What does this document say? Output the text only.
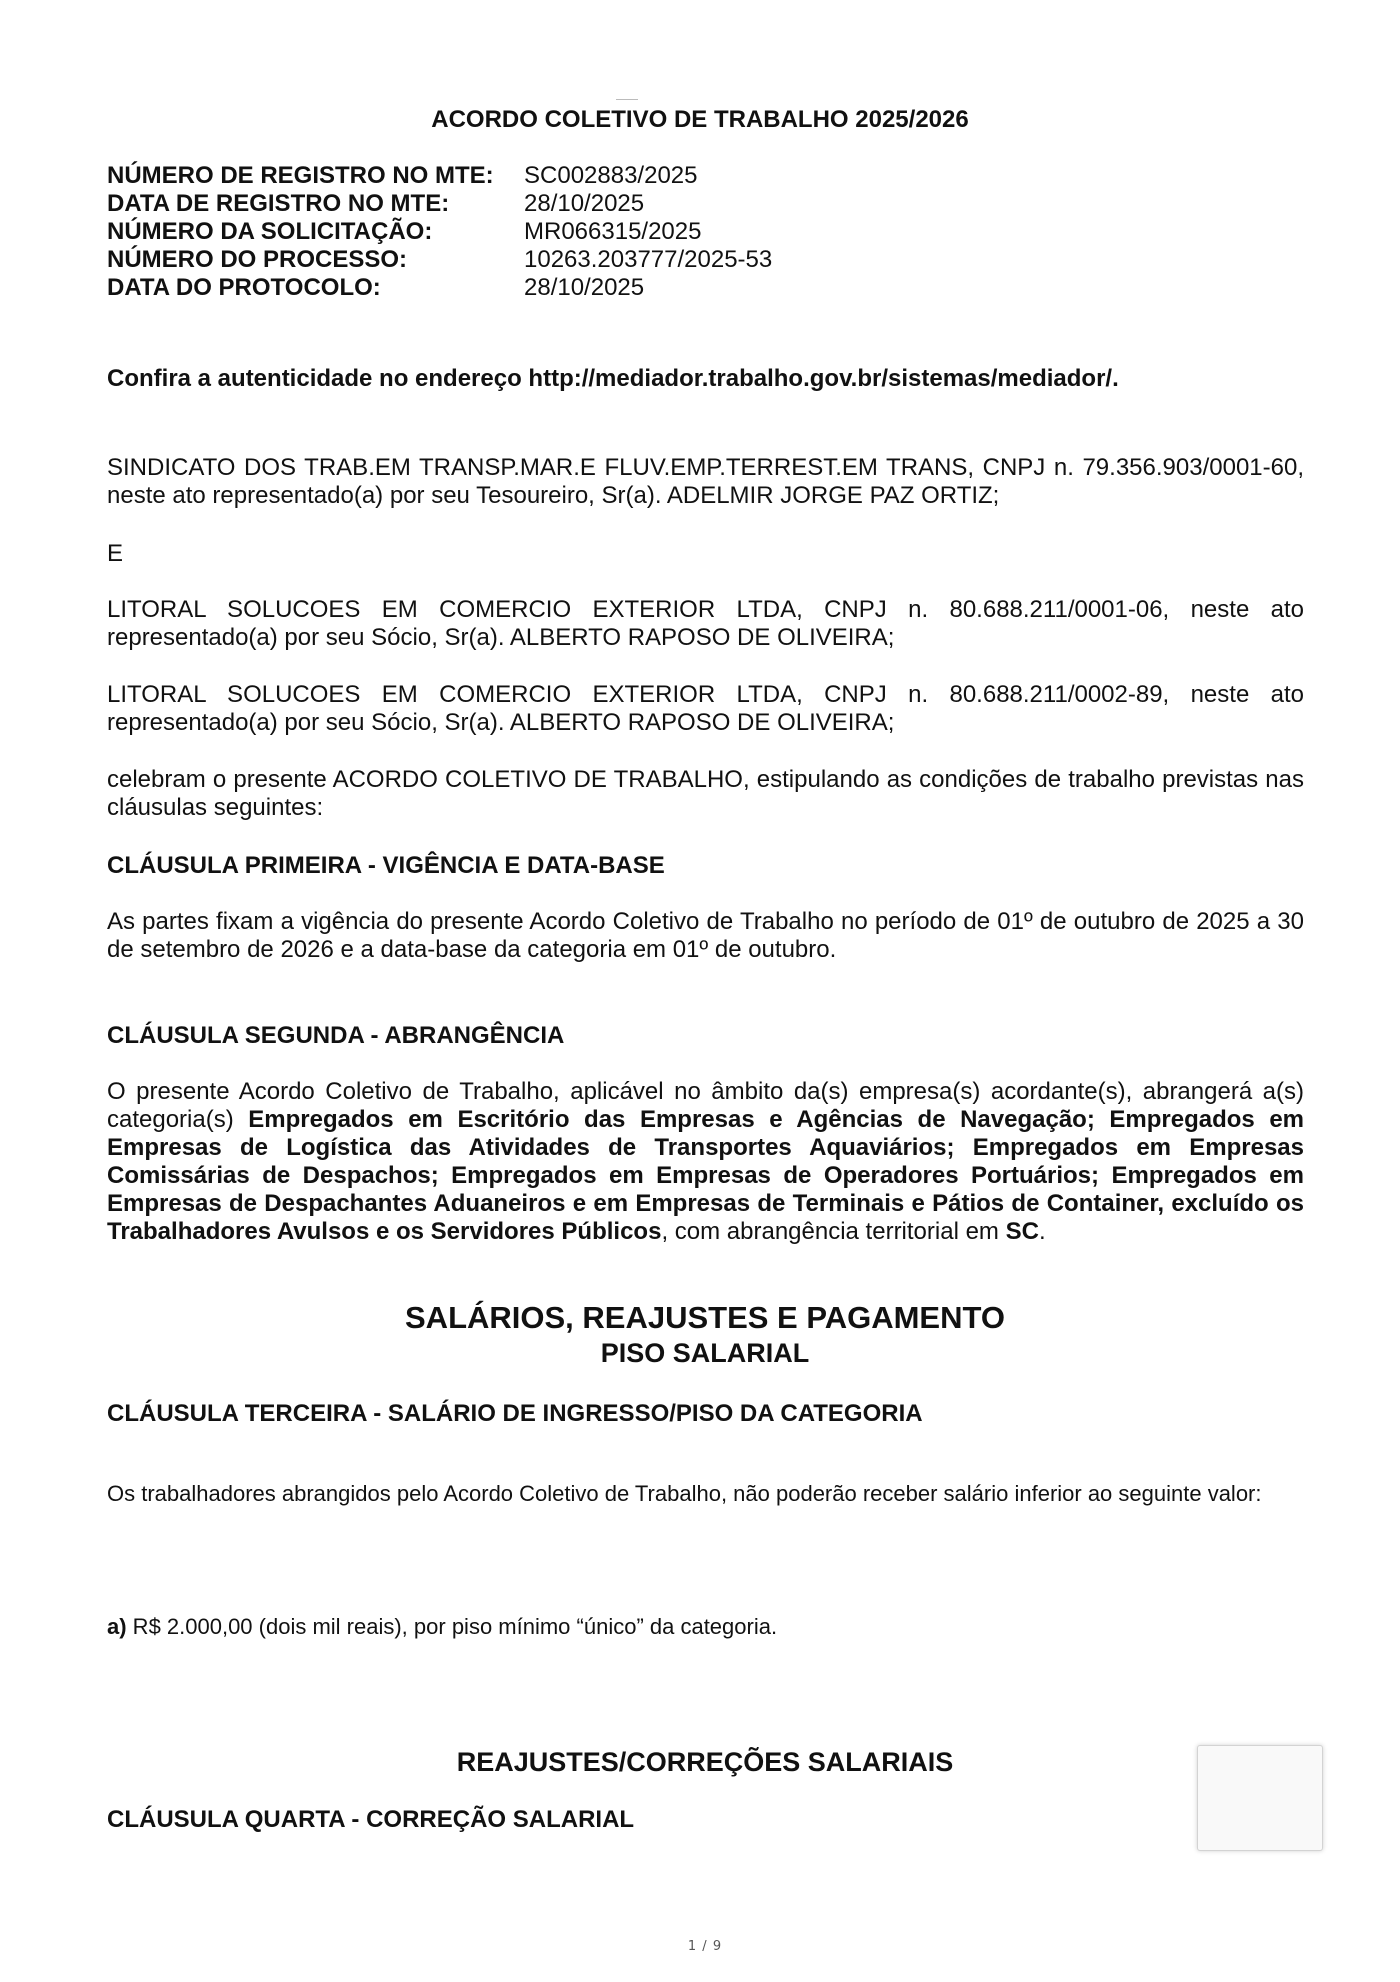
ACORDO COLETIVO DE TRABALHO 2025/2026
NÚMERO DE REGISTRO NO MTE:	SC002883/2025
DATA DE REGISTRO NO MTE:	28/10/2025
NÚMERO DA SOLICITAÇÃO:	MR066315/2025
NÚMERO DO PROCESSO:	10263.203777/2025-53
DATA DO PROTOCOLO:	28/10/2025

Confira a autenticidade no endereço http://mediador.trabalho.gov.br/sistemas/mediador/.

SINDICATO DOS TRAB.EM TRANSP.MAR.E FLUV.EMP.TERREST.EM TRANS, CNPJ n. 79.356.903/0001-60, neste ato representado(a) por seu Tesoureiro, Sr(a). ADELMIR JORGE PAZ ORTIZ;

E

LITORAL SOLUCOES EM COMERCIO EXTERIOR LTDA, CNPJ n. 80.688.211/0001-06, neste ato representado(a) por seu Sócio, Sr(a). ALBERTO RAPOSO DE OLIVEIRA;

LITORAL SOLUCOES EM COMERCIO EXTERIOR LTDA, CNPJ n. 80.688.211/0002-89, neste ato representado(a) por seu Sócio, Sr(a). ALBERTO RAPOSO DE OLIVEIRA;

celebram o presente ACORDO COLETIVO DE TRABALHO, estipulando as condições de trabalho previstas nas cláusulas seguintes:

CLÁUSULA PRIMEIRA - VIGÊNCIA E DATA-BASE

As partes fixam a vigência do presente Acordo Coletivo de Trabalho no período de 01º de outubro de 2025 a 30 de setembro de 2026 e a data-base da categoria em 01º de outubro.

CLÁUSULA SEGUNDA - ABRANGÊNCIA

O presente Acordo Coletivo de Trabalho, aplicável no âmbito da(s) empresa(s) acordante(s), abrangerá a(s) categoria(s) Empregados em Escritório das Empresas e Agências de Navegação; Empregados em Empresas de Logística das Atividades de Transportes Aquaviários; Empregados em Empresas Comissárias de Despachos; Empregados em Empresas de Operadores Portuários; Empregados em Empresas de Despachantes Aduaneiros e em Empresas de Terminais e Pátios de Container, excluído os Trabalhadores Avulsos e os Servidores Públicos, com abrangência territorial em SC.

SALÁRIOS, REAJUSTES E PAGAMENTO
PISO SALARIAL
CLÁUSULA TERCEIRA - SALÁRIO DE INGRESSO/PISO DA CATEGORIA

Os trabalhadores abrangidos pelo Acordo Coletivo de Trabalho, não poderão receber salário inferior ao seguinte valor:

a) R$ 2.000,00 (dois mil reais), por piso mínimo “único” da categoria.

REAJUSTES/CORREÇÕES SALARIAIS
CLÁUSULA QUARTA - CORREÇÃO SALARIAL
1 / 9
